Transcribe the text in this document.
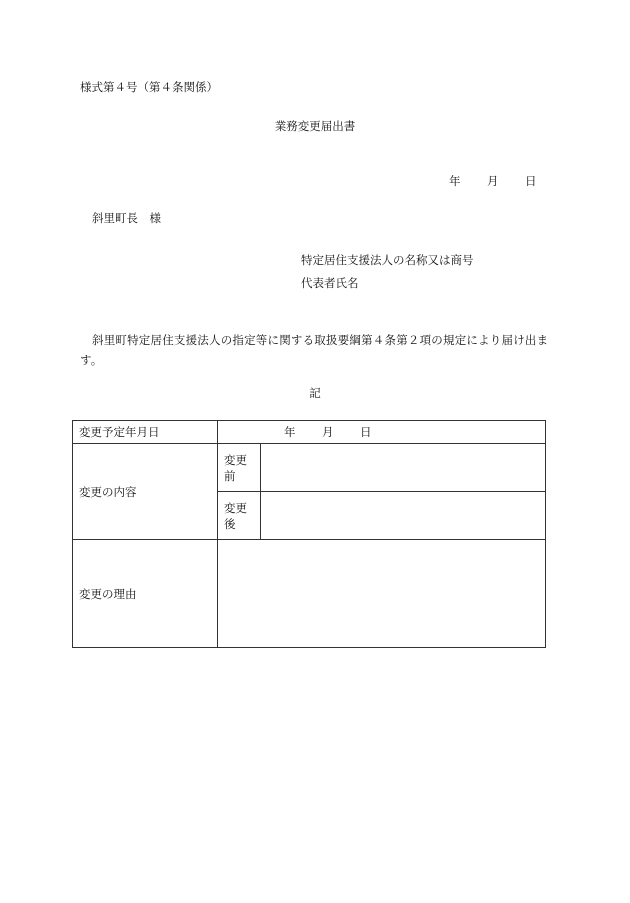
様式第４号（第４条関係）
業務変更届出書
年	月	日
斜里町長　様
特定居住支援法人の名称又は商号
代表者氏名
斜里町特定居住支援法人の指定等に関する取扱要綱第４条第２項の規定により届け出ます。
記
変更予定年月日	年 月 日	

変更の内容	変更前	
	変更後	
変更の理由		
